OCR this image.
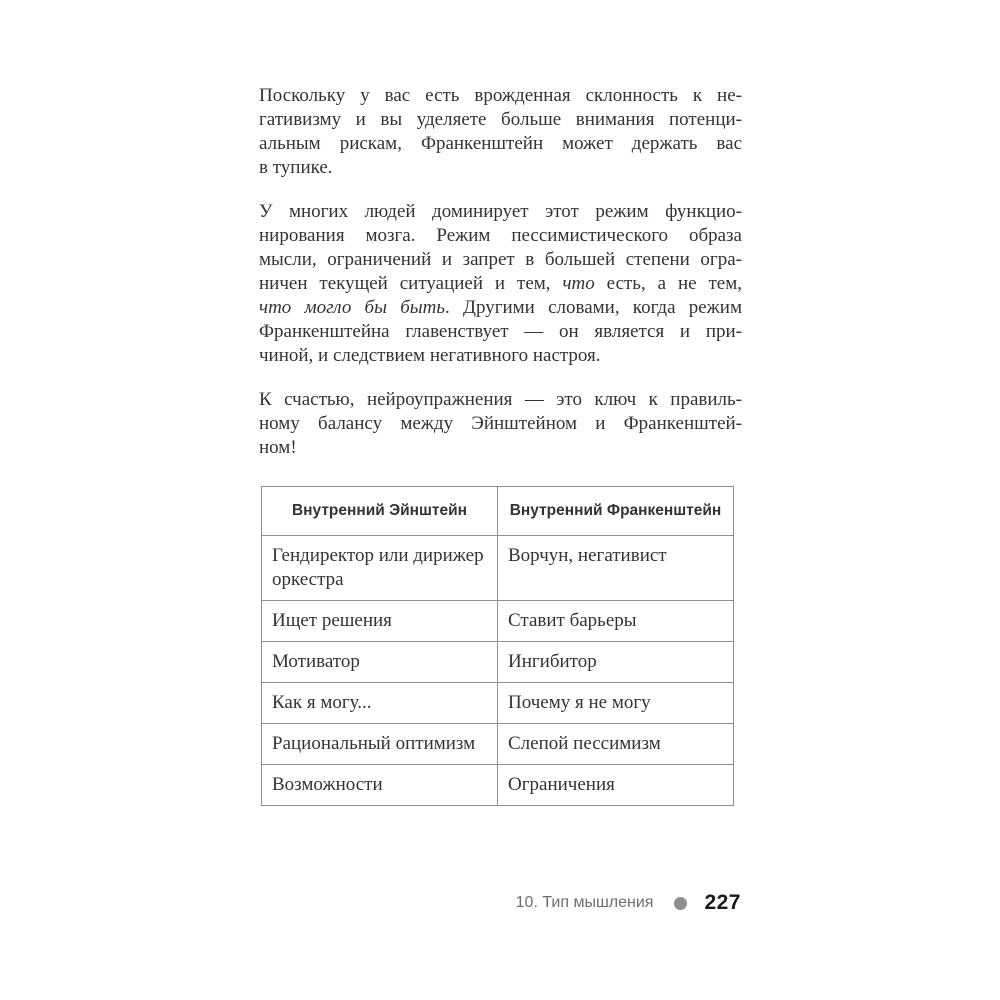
Поскольку у вас есть врожденная склонность к не-
гативизму и вы уделяете больше внимания потенци-
альным рискам, Франкенштейн может держать вас
в тупике.
У многих людей доминирует этот режим функцио-
нирования мозга. Режим пессимистического образа
мысли, ограничений и запрет в большей степени огра-
ничен текущей ситуацией и тем, что есть, а не тем,
что могло бы быть. Другими словами, когда режим
Франкенштейна главенствует — он является и при-
чиной, и следствием негативного настроя.
К счастью, нейроупражнения — это ключ к правиль-
ному балансу между Эйнштейном и Франкенштей-
ном!
Внутренний Эйнштейн	Внутренний Франкенштейн
Гендиректор или дирижер оркестра	Ворчун, негативист
Ищет решения	Ставит барьеры
Мотиватор	Ингибитор
Как я могу...	Почему я не могу
Рациональный оптимизм	Слепой пессимизм
Возможности	Ограничения
10. Тип мышления 227
